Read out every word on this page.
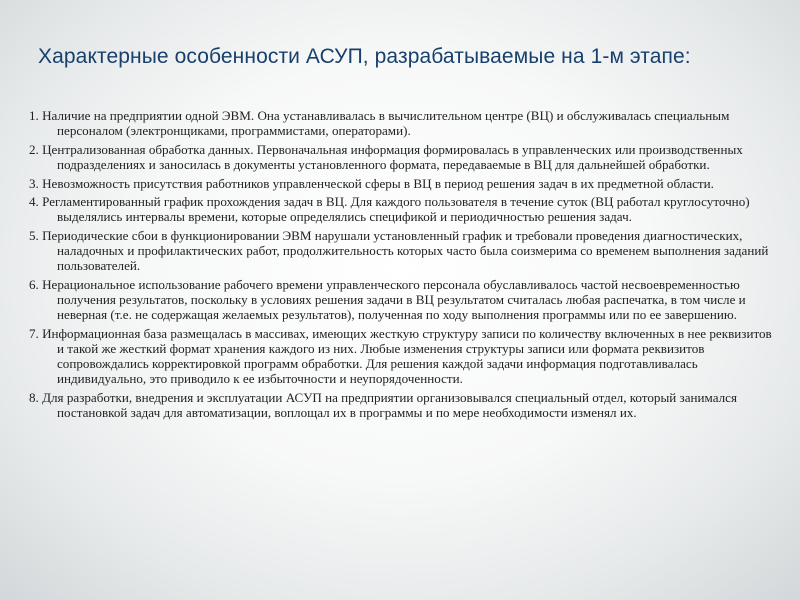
Характерные особенности АСУП, разрабатываемые на 1-м этапе:

1. Наличие на предприятии одной ЭВМ. Она устанавливалась в вычислительном центре (ВЦ) и обслуживалась специальным персоналом (электронщиками, программистами, операторами).

2. Централизованная обработка данных. Первоначальная информация формировалась в управленческих или производственных подразделениях и заносилась в документы установленного формата, передаваемые в ВЦ для дальнейшей обработки.

3. Невозможность присутствия работников управленческой сферы в ВЦ в период решения задач в их предметной области.

4. Регламентированный график прохождения задач в ВЦ. Для каждого пользователя в течение суток (ВЦ работал круглосуточно) выделялись интервалы времени, которые определялись спецификой и периодичностью решения задач.

5. Периодические сбои в функционировании ЭВМ нарушали установленный график и требовали проведения диагностических, наладочных и профилактических работ, продолжительность которых часто была соизмерима со временем выполнения заданий пользователей.

6. Нерациональное использование рабочего времени управленческого персонала обуславливалось частой несвоевременностью получения результатов, поскольку в условиях решения задачи в ВЦ результатом считалась любая распечатка, в том числе и неверная (т.е. не содержащая желаемых результатов), полученная по ходу выполнения программы или по ее завершению.

7. Информационная база размещалась в массивах, имеющих жесткую структуру записи по количеству включенных в нее реквизитов и такой же жесткий формат хранения каждого из них. Любые изменения структуры записи или формата реквизитов сопровождались корректировкой программ обработки. Для решения каждой задачи информация подготавливалась индивидуально, это приводило к ее избыточности и неупорядоченности.

8. Для разработки, внедрения и эксплуатации АСУП на предприятии организовывался специальный отдел, который занимался постановкой задач для автоматизации, воплощал их в программы и по мере необходимости изменял их.
